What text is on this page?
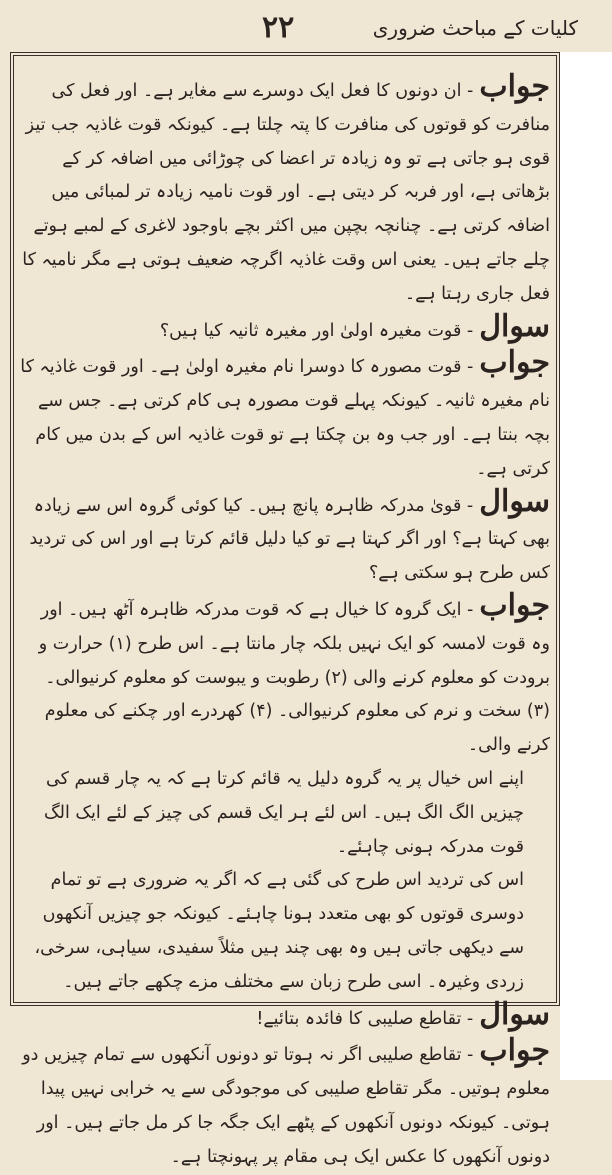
۲۲	کلیات کے مباحث ضروری

جواب- ان دونوں کا فعل ایک دوسرے سے مغایر ہے۔ اور فعل کی منافرت کو قوتوں کی منافرت کا پتہ چلتا ہے۔ کیونکہ قوت غاذیہ جب تیز قوی ہو جاتی ہے تو وہ زیادہ تر اعضا کی چوڑائی میں اضافہ کر کے بڑھاتی ہے، اور فربہ کر دیتی ہے۔ اور قوت نامیہ زیادہ تر لمبائی میں اضافہ کرتی ہے۔ چنانچہ بچپن میں اکثر بچے باوجود لاغری کے لمبے ہوتے چلے جاتے ہیں۔ یعنی اس وقت غاذیہ اگرچہ ضعیف ہوتی ہے مگر نامیہ کا فعل جاری رہتا ہے۔

سوال- قوت مغیرہ اولیٰ اور مغیرہ ثانیہ کیا ہیں؟

جواب- قوت مصورہ کا دوسرا نام مغیرہ اولیٰ ہے۔ اور قوت غاذیہ کا نام مغیرہ ثانیہ۔ کیونکہ پہلے قوت مصورہ ہی کام کرتی ہے۔ جس سے بچہ بنتا ہے۔ اور جب وہ بن چکتا ہے تو قوت غاذیہ اس کے بدن میں کام کرتی ہے۔

سوال- قویٰ مدرکہ ظاہرہ پانچ ہیں۔ کیا کوئی گروہ اس سے زیادہ بھی کہتا ہے؟ اور اگر کہتا ہے تو کیا دلیل قائم کرتا ہے اور اس کی تردید کس طرح ہو سکتی ہے؟

جواب- ایک گروہ کا خیال ہے کہ قوت مدرکہ ظاہرہ آٹھ ہیں۔ اور وہ قوت لامسہ کو ایک نہیں بلکہ چار مانتا ہے۔ اس طرح (۱) حرارت و برودت کو معلوم کرنے والی (۲) رطوبت و یبوست کو معلوم کرنیوالی۔ (۳) سخت و نرم کی معلوم کرنیوالی۔ (۴) کھردرے اور چکنے کی معلوم کرنے والی۔

اپنے اس خیال پر یہ گروہ دلیل یہ قائم کرتا ہے کہ یہ چار قسم کی چیزیں الگ الگ ہیں۔ اس لئے ہر ایک قسم کی چیز کے لئے ایک الگ قوت مدرکہ ہونی چاہئے۔

اس کی تردید اس طرح کی گئی ہے کہ اگر یہ ضروری ہے تو تمام دوسری قوتوں کو بھی متعدد ہونا چاہئے۔ کیونکہ جو چیزیں آنکھوں سے دیکھی جاتی ہیں وہ بھی چند ہیں مثلاً سفیدی، سیاہی، سرخی، زردی وغیرہ۔ اسی طرح زبان سے مختلف مزے چکھے جاتے ہیں۔

سوال- تقاطع صلیبی کا فائدہ بتائیے!

جواب- تقاطع صلیبی اگر نہ ہوتا تو دونوں آنکھوں سے تمام چیزیں دو معلوم ہوتیں۔ مگر تقاطع صلیبی کی موجودگی سے یہ خرابی نہیں پیدا ہوتی۔ کیونکہ دونوں آنکھوں کے پٹھے ایک جگہ جا کر مل جاتے ہیں۔ اور دونوں آنکھوں کا عکس ایک ہی مقام پر پہونچتا ہے۔
